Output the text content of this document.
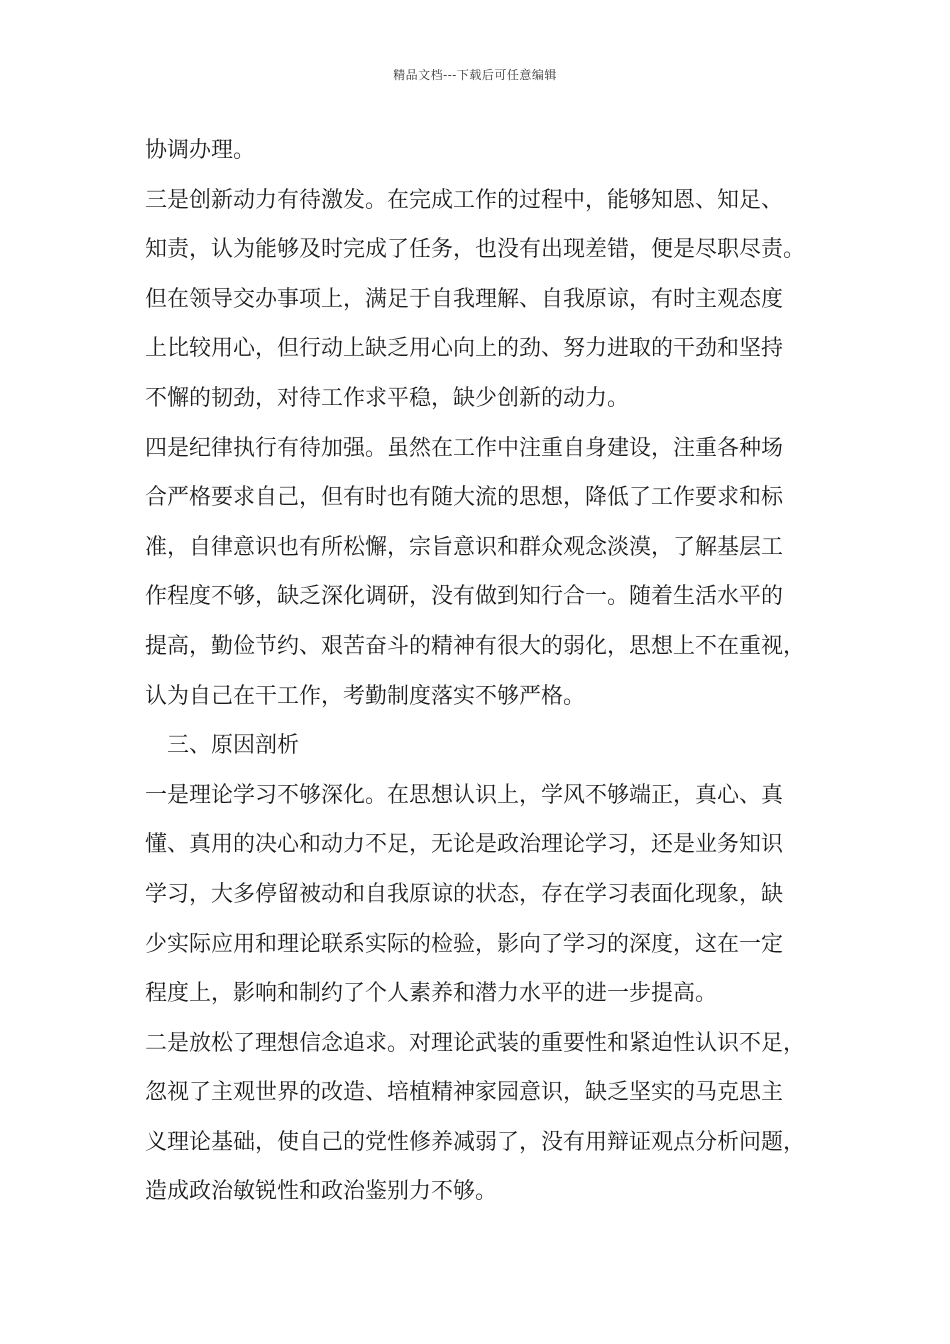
精品文档---下载后可任意编辑
协调办理。
三是创新动力有待激发。在完成工作的过程中，能够知恩、知足、
知责，认为能够及时完成了任务，也没有出现差错，便是尽职尽责。
但在领导交办事项上，满足于自我理解、自我原谅，有时主观态度
上比较用心，但行动上缺乏用心向上的劲、努力进取的干劲和坚持
不懈的韧劲，对待工作求平稳，缺少创新的动力。
四是纪律执行有待加强。虽然在工作中注重自身建设，注重各种场
合严格要求自己，但有时也有随大流的思想，降低了工作要求和标
准，自律意识也有所松懈，宗旨意识和群众观念淡漠，了解基层工
作程度不够，缺乏深化调研，没有做到知行合一。随着生活水平的
提高，勤俭节约、艰苦奋斗的精神有很大的弱化，思想上不在重视，
认为自己在干工作，考勤制度落实不够严格。
三、原因剖析
一是理论学习不够深化。在思想认识上，学风不够端正，真心、真
懂、真用的决心和动力不足，无论是政治理论学习，还是业务知识
学习，大多停留被动和自我原谅的状态，存在学习表面化现象，缺
少实际应用和理论联系实际的检验，影向了学习的深度，这在一定
程度上，影响和制约了个人素养和潜力水平的进一步提高。
二是放松了理想信念追求。对理论武装的重要性和紧迫性认识不足，
忽视了主观世界的改造、培植精神家园意识，缺乏坚实的马克思主
义理论基础，使自己的党性修养减弱了，没有用辩证观点分析问题，
造成政治敏锐性和政治鉴别力不够。
